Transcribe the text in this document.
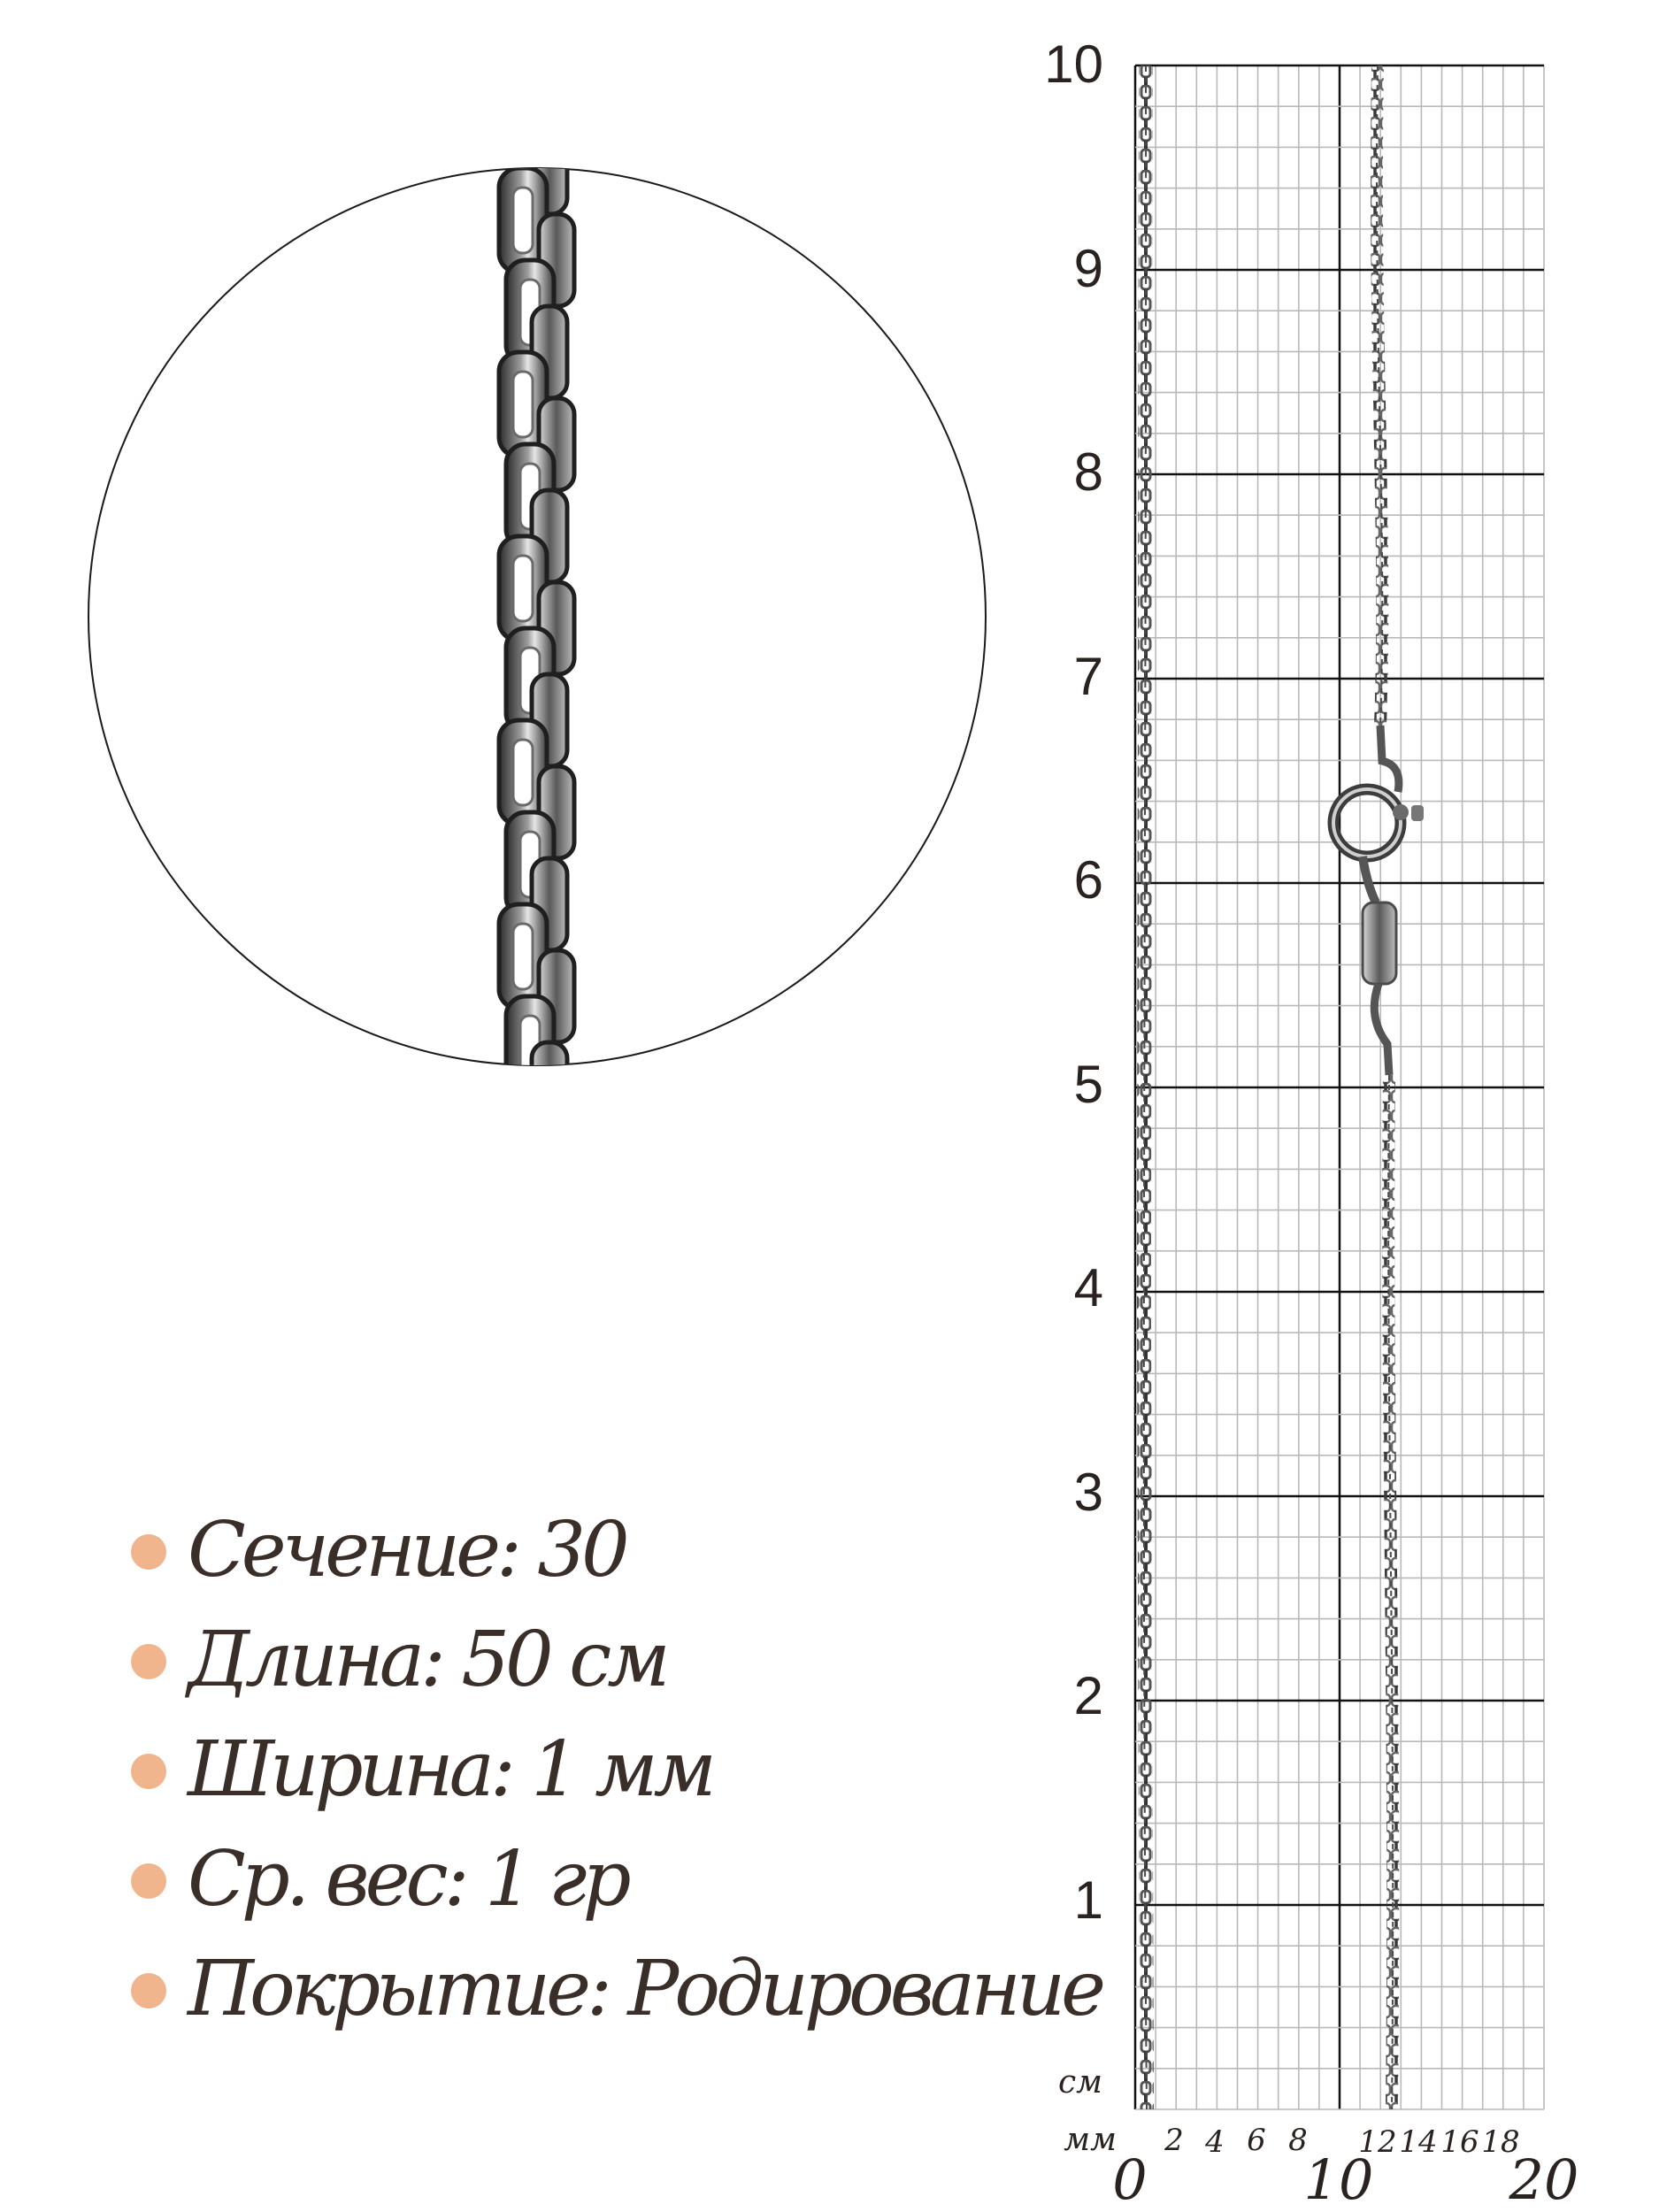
10
9
8
7
6
5
4
3
2
1
см
мм 2 4 6 8 12 14 16 18
0	10 20
Сечение: 30
Длина: 50 см
Ширина: 1 мм
Ср. вес: 1 гр
Покрытие: Родирование
